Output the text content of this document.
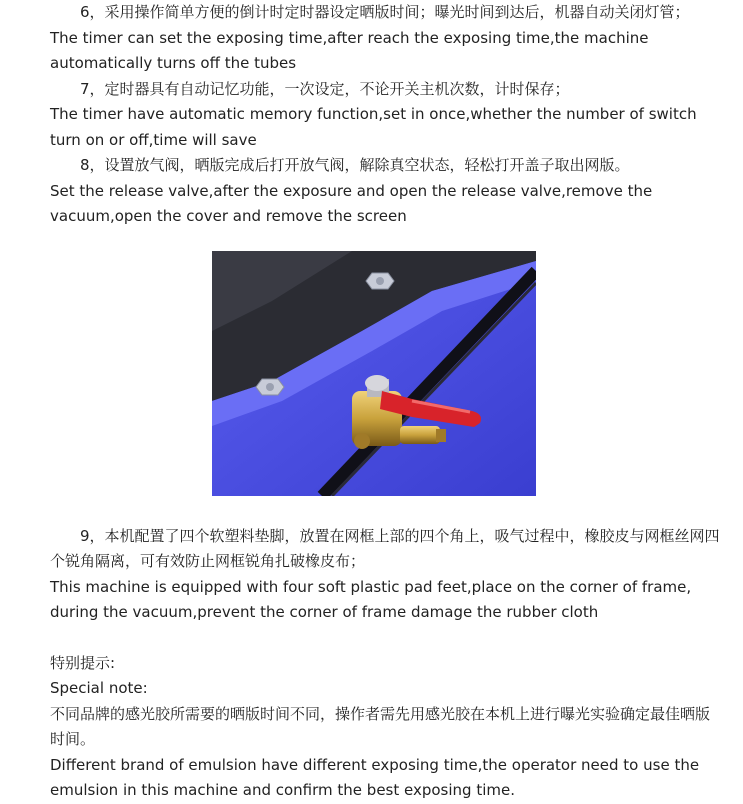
6，采用操作简单方便的倒计时定时器设定晒版时间；曝光时间到达后，机器自动关闭灯管；

The timer can set the exposing time,after reach the exposing time,the machine automatically turns off the tubes

7，定时器具有自动记忆功能，一次设定，不论开关主机次数，计时保存；

The timer have automatic memory function,set in once,whether the number of switch turn on or off,time will save

8，设置放气阀，晒版完成后打开放气阀，解除真空状态，轻松打开盖子取出网版。

Set the release valve,after the exposure and open the release valve,remove the vacuum,open the cover and remove the screen

9，本机配置了四个软塑料垫脚，放置在网框上部的四个角上，吸气过程中，橡胶皮与网框丝网四个锐角隔离，可有效防止网框锐角扎破橡皮布；

This machine is equipped with four soft plastic pad feet,place on the corner of frame, during the vacuum,prevent the corner of frame damage the rubber cloth

特别提示:

Special note:

不同品牌的感光胶所需要的晒版时间不同，操作者需先用感光胶在本机上进行曝光实验确定最佳晒版时间。

Different brand of emulsion have different exposing time,the operator need to use the emulsion in this machine and confirm the best exposing time.
